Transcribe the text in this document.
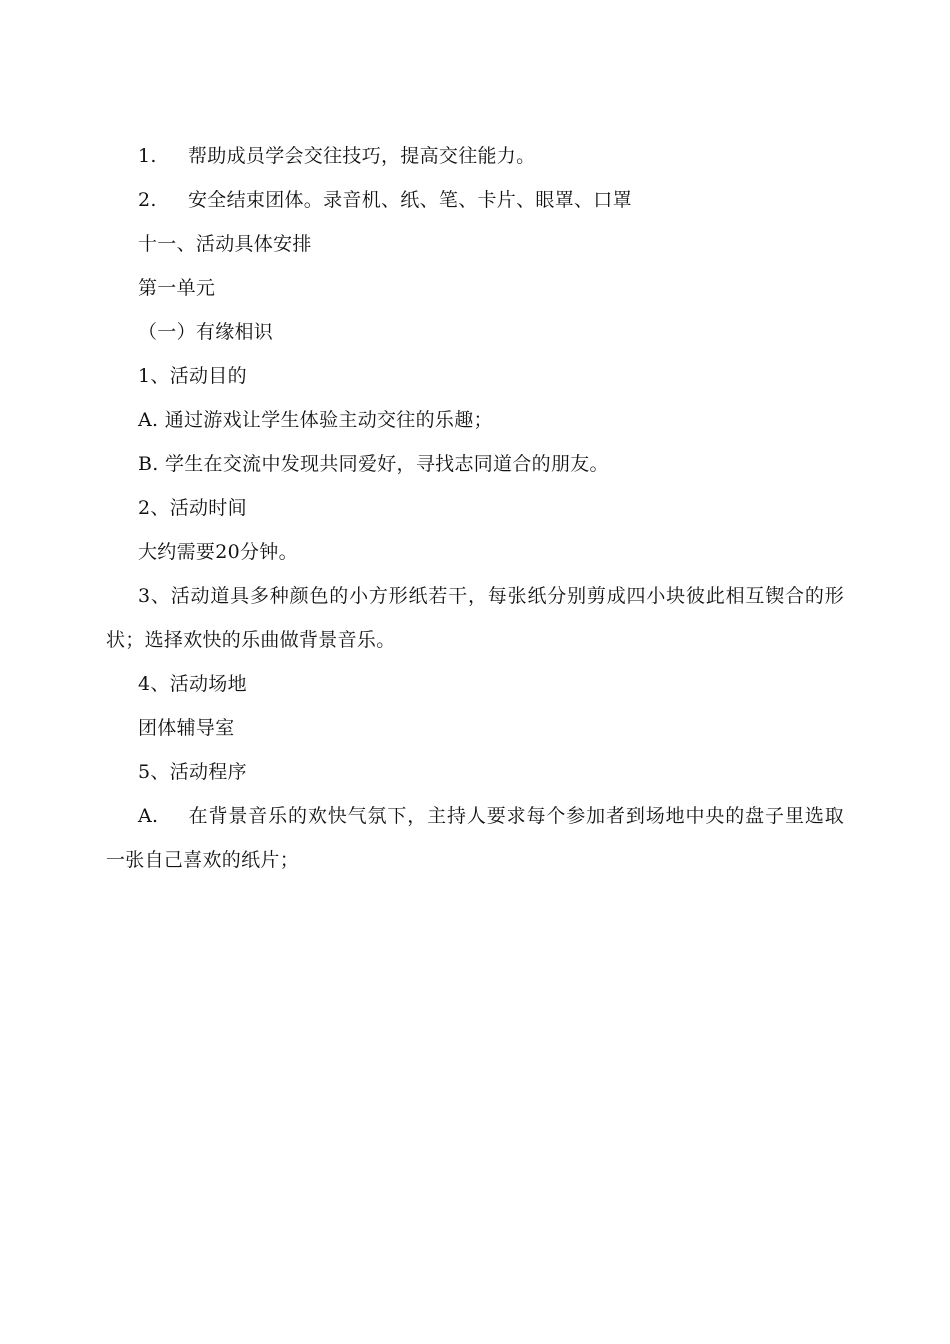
1. 帮助成员学会交往技巧，提高交往能力。

2. 安全结束团体。录音机、纸、笔、卡片、眼罩、口罩

十一、活动具体安排

第一单元

（一）有缘相识

1、活动目的

A. 通过游戏让学生体验主动交往的乐趣；

B. 学生在交流中发现共同爱好，寻找志同道合的朋友。

2、活动时间

大约需要20分钟。

3、活动道具多种颜色的小方形纸若干，每张纸分别剪成四小块彼此相互锲合的形状；选择欢快的乐曲做背景音乐。

4、活动场地

团体辅导室

5、活动程序

A. 在背景音乐的欢快气氛下，主持人要求每个参加者到场地中央的盘子里选取一张自己喜欢的纸片；
